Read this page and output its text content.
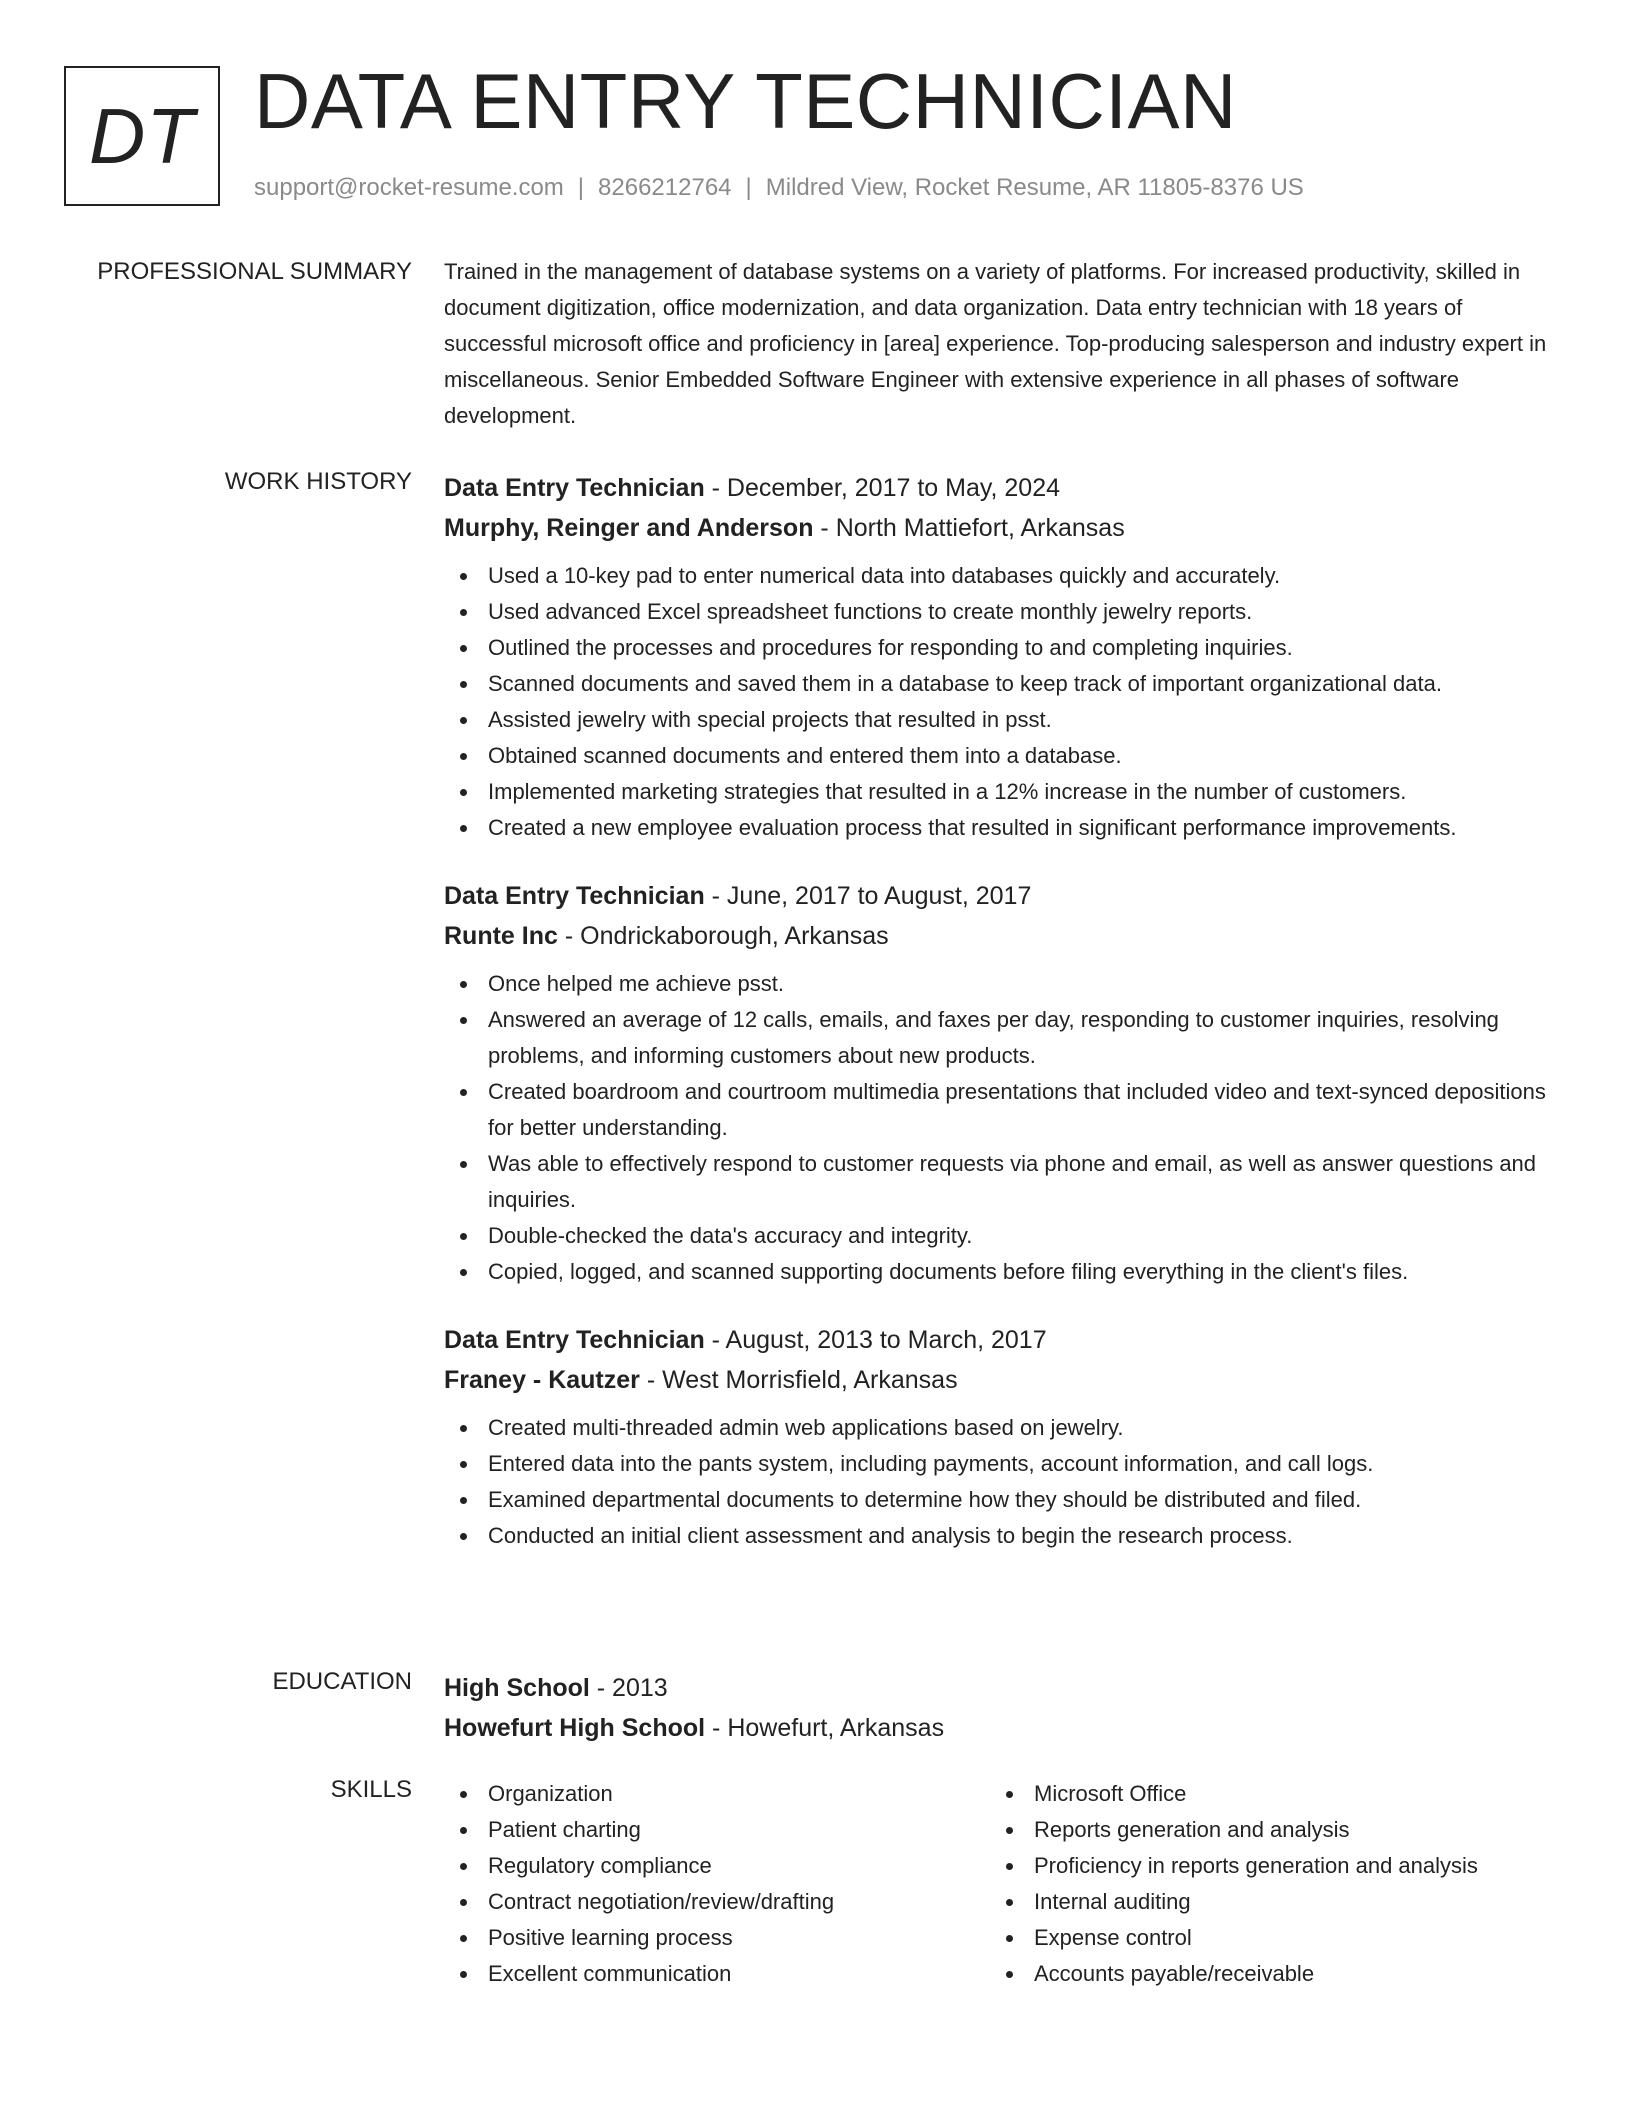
DT DATA ENTRY TECHNICIAN
support@rocket-resume.com | 8266212764 | Mildred View, Rocket Resume, AR 11805-8376 US
PROFESSIONAL SUMMARY Trained in the management of database systems on a variety of platforms. For increased productivity, skilled in document digitization, office modernization, and data organization. Data entry technician with 18 years of successful microsoft office and proficiency in [area] experience. Top-producing salesperson and industry expert in miscellaneous. Senior Embedded Software Engineer with extensive experience in all phases of software development.

WORK HISTORY Data Entry Technician - December, 2017 to May, 2024
Murphy, Reinger and Anderson - North Mattiefort, Arkansas
Used a 10-key pad to enter numerical data into databases quickly and accurately.
Used advanced Excel spreadsheet functions to create monthly jewelry reports.
Outlined the processes and procedures for responding to and completing inquiries.
Scanned documents and saved them in a database to keep track of important organizational data.
Assisted jewelry with special projects that resulted in psst.
Obtained scanned documents and entered them into a database.
Implemented marketing strategies that resulted in a 12% increase in the number of customers.
Created a new employee evaluation process that resulted in significant performance improvements.
Data Entry Technician - June, 2017 to August, 2017
Runte Inc - Ondrickaborough, Arkansas
Once helped me achieve psst.
Answered an average of 12 calls, emails, and faxes per day, responding to customer inquiries, resolving problems, and informing customers about new products.
Created boardroom and courtroom multimedia presentations that included video and text-synced depositions for better understanding.
Was able to effectively respond to customer requests via phone and email, as well as answer questions and inquiries.
Double-checked the data's accuracy and integrity.
Copied, logged, and scanned supporting documents before filing everything in the client's files.
Data Entry Technician - August, 2013 to March, 2017
Franey - Kautzer - West Morrisfield, Arkansas
Created multi-threaded admin web applications based on jewelry.
Entered data into the pants system, including payments, account information, and call logs.
Examined departmental documents to determine how they should be distributed and filed.
Conducted an initial client assessment and analysis to begin the research process.
EDUCATION High School - 2013
Howefurt High School - Howefurt, Arkansas
SKILLS	Organization
Patient charting
Regulatory compliance
Contract negotiation/review/drafting
Positive learning process
Excellent communication
Microsoft Office
Reports generation and analysis
Proficiency in reports generation and analysis
Internal auditing
Expense control
Accounts payable/receivable
